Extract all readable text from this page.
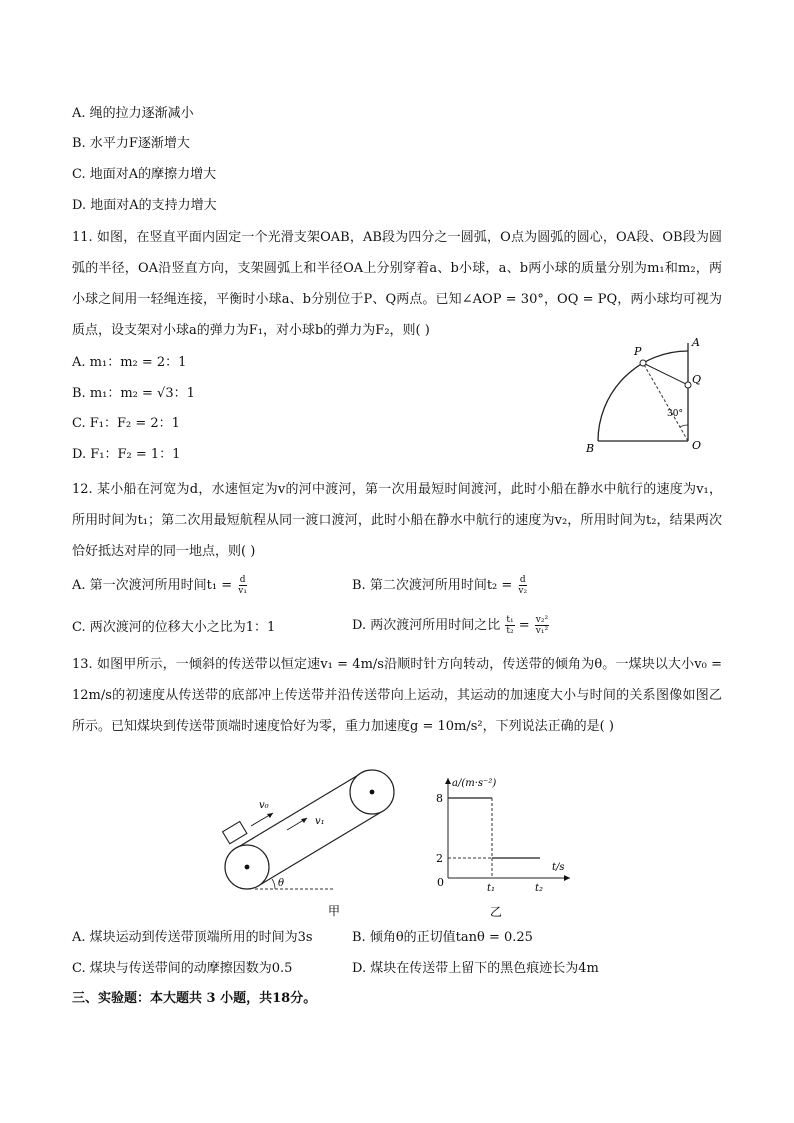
A. 绳的拉力逐渐减小
B. 水平力F逐渐增大
C. 地面对A的摩擦力增大
D. 地面对A的支持力增大
11. 如图，在竖直平面内固定一个光滑支架OAB，AB段为四分之一圆弧，O点为圆弧的圆心，OA段、OB段为圆弧的半径，OA沿竖直方向，支架圆弧上和半径OA上分别穿着a、b小球，a、b两小球的质量分别为m₁和m₂，两小球之间用一轻绳连接，平衡时小球a、b分别位于P、Q两点。已知∠AOP = 30°，OQ = PQ，两小球均可视为质点，设支架对小球a的弹力为F₁，对小球b的弹力为F₂，则( )
A. m₁：m₂ = 2：1
B. m₁：m₂ = √3：1
C. F₁：F₂ = 2：1
D. F₁：F₂ = 1：1
A
P
Q
B	O
30°
12. 某小船在河宽为d，水速恒定为v的河中渡河，第一次用最短时间渡河，此时小船在静水中航行的速度为v₁，所用时间为t₁；第二次用最短航程从同一渡口渡河，此时小船在静水中航行的速度为v₂，所用时间为t₂，结果两次恰好抵达对岸的同一地点，则( )
A. 第一次渡河所用时间$t_1 = \frac{d}{\text{v₁}}$	B. 第二次渡河所用时间$t_2 = \frac{d}{\text{v₂}}$
C. 两次渡河的位移大小之比为1：1	D. 两次渡河所用时间之比 $\frac{\text{t₁}}{\text{t₂}} = \frac{\text{v₂²}}{\text{v₁²}}$
13. 如图甲所示，一倾斜的传送带以恒定速v₁ = 4m/s沿顺时针方向转动，传送带的倾角为θ。一煤块以大小v₀ = 12m/s的初速度从传送带的底部冲上传送带并沿传送带向上运动，其运动的加速度大小与时间的关系图像如图乙所示。已知煤块到传送带顶端时速度恰好为零，重力加速度g = 10m/s²，下列说法正确的是( )
v₀
v₁
θ
甲
8
2
t₁	t₂
a/(m·s⁻²)
t/s
0
乙
A. 煤块运动到传送带顶端所用的时间为3s	B. 倾角θ的正切值tanθ = 0.25
C. 煤块与传送带间的动摩擦因数为0.5	D. 煤块在传送带上留下的黑色痕迹长为4m
三、实验题：本大题共 3 小题，共18分。
